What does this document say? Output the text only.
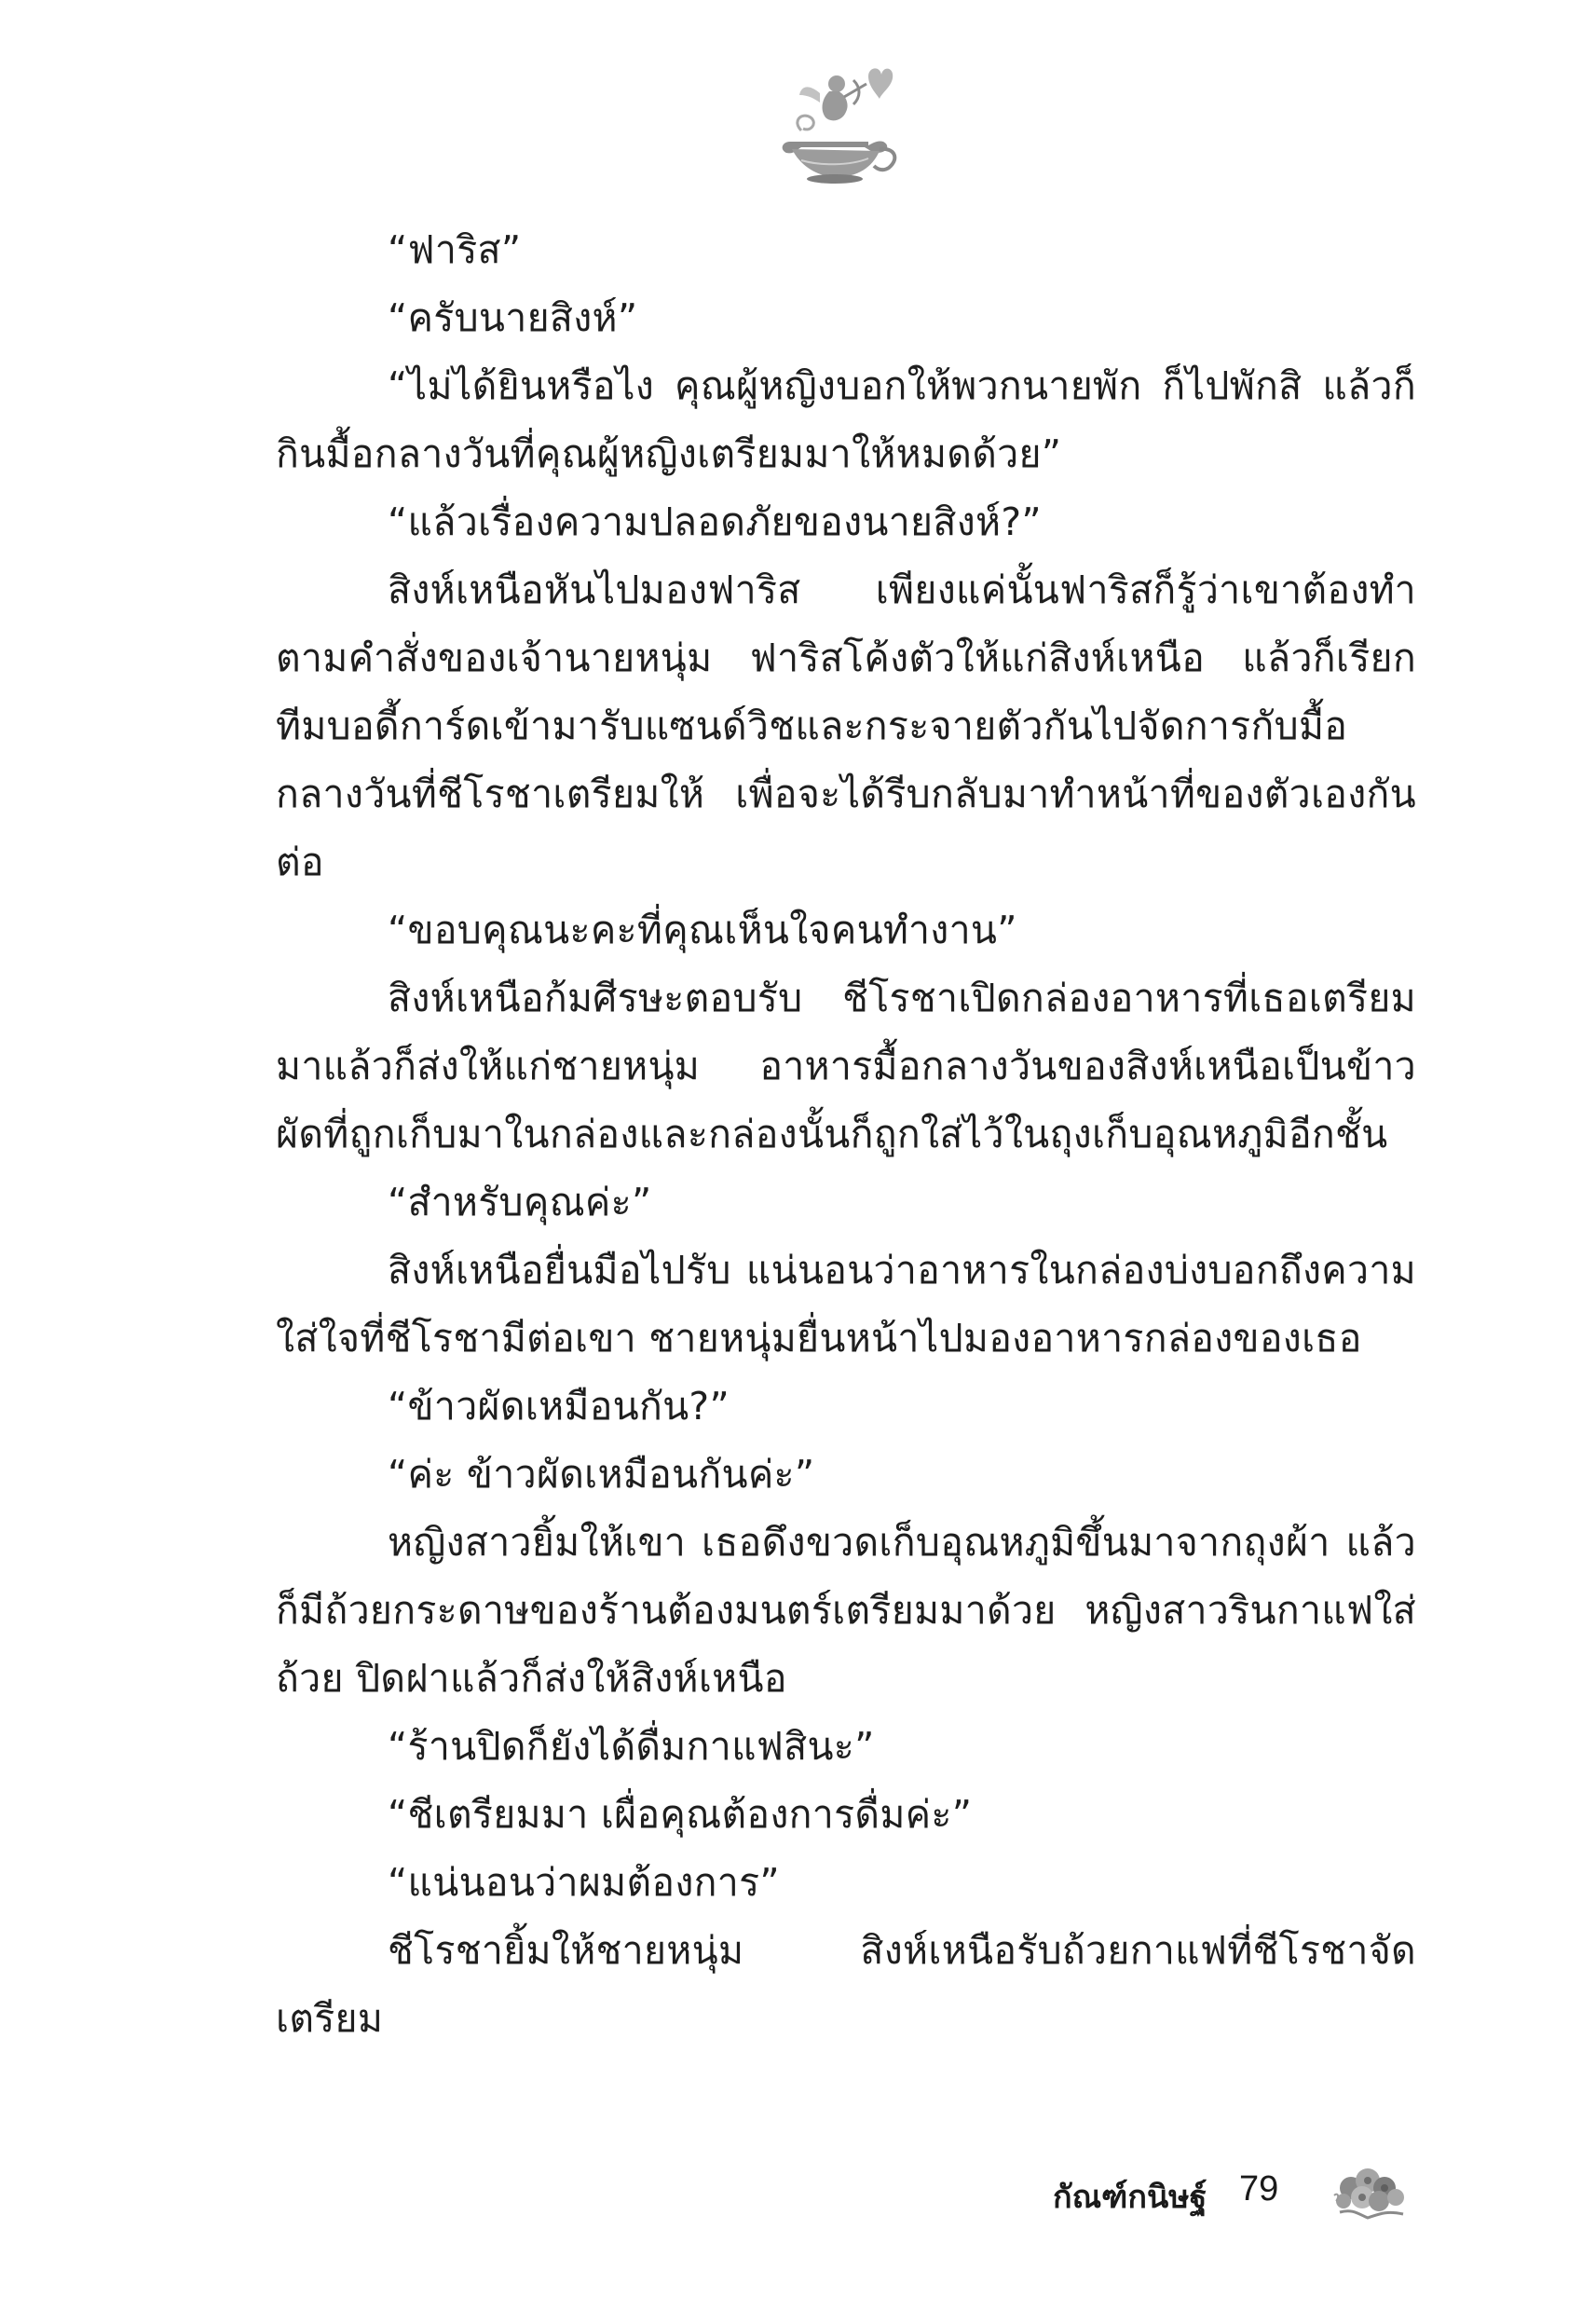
“ฟาริส”

“ครับนายสิงห์”

“ไม่ได้ยินหรือไง คุณผู้หญิงบอกให้พวกนายพัก ก็ไปพักสิ แล้วก็กินมื้อกลางวันที่คุณผู้หญิงเตรียมมาให้หมดด้วย”

“แล้วเรื่องความปลอดภัยของนายสิงห์?”

สิงห์เหนือหันไปมองฟาริส เพียงแค่นั้นฟาริสก็รู้ว่าเขาต้องทำตามคำสั่งของเจ้านายหนุ่ม ฟาริสโค้งตัวให้แก่สิงห์เหนือ แล้วก็เรียกทีมบอดี้การ์ดเข้ามารับแซนด์วิชและกระจายตัวกันไปจัดการกับมื้อกลางวันที่ชีโรชาเตรียมให้ เพื่อจะได้รีบกลับมาทำหน้าที่ของตัวเองกันต่อ

“ขอบคุณนะคะที่คุณเห็นใจคนทำงาน”

สิงห์เหนือก้มศีรษะตอบรับ ชีโรชาเปิดกล่องอาหารที่เธอเตรียมมาแล้วก็ส่งให้แก่ชายหนุ่ม อาหารมื้อกลางวันของสิงห์เหนือเป็นข้าวผัดที่ถูกเก็บมาในกล่องและกล่องนั้นก็ถูกใส่ไว้ในถุงเก็บอุณหภูมิอีกชั้น

“สำหรับคุณค่ะ”

สิงห์เหนือยื่นมือไปรับ แน่นอนว่าอาหารในกล่องบ่งบอกถึงความใส่ใจที่ชีโรชามีต่อเขา ชายหนุ่มยื่นหน้าไปมองอาหารกล่องของเธอ

“ข้าวผัดเหมือนกัน?”

“ค่ะ ข้าวผัดเหมือนกันค่ะ”

หญิงสาวยิ้มให้เขา เธอดึงขวดเก็บอุณหภูมิขึ้นมาจากถุงผ้า แล้วก็มีถ้วยกระดาษของร้านต้องมนตร์เตรียมมาด้วย หญิงสาวรินกาแฟใส่ถ้วย ปิดฝาแล้วก็ส่งให้สิงห์เหนือ

“ร้านปิดก็ยังได้ดื่มกาแฟสินะ”

“ชีเตรียมมา เผื่อคุณต้องการดื่มค่ะ”

“แน่นอนว่าผมต้องการ”

ชีโรชายิ้มให้ชายหนุ่ม สิงห์เหนือรับถ้วยกาแฟที่ชีโรชาจัดเตรียม

กัณฑ์กนิษฐ์ 79
